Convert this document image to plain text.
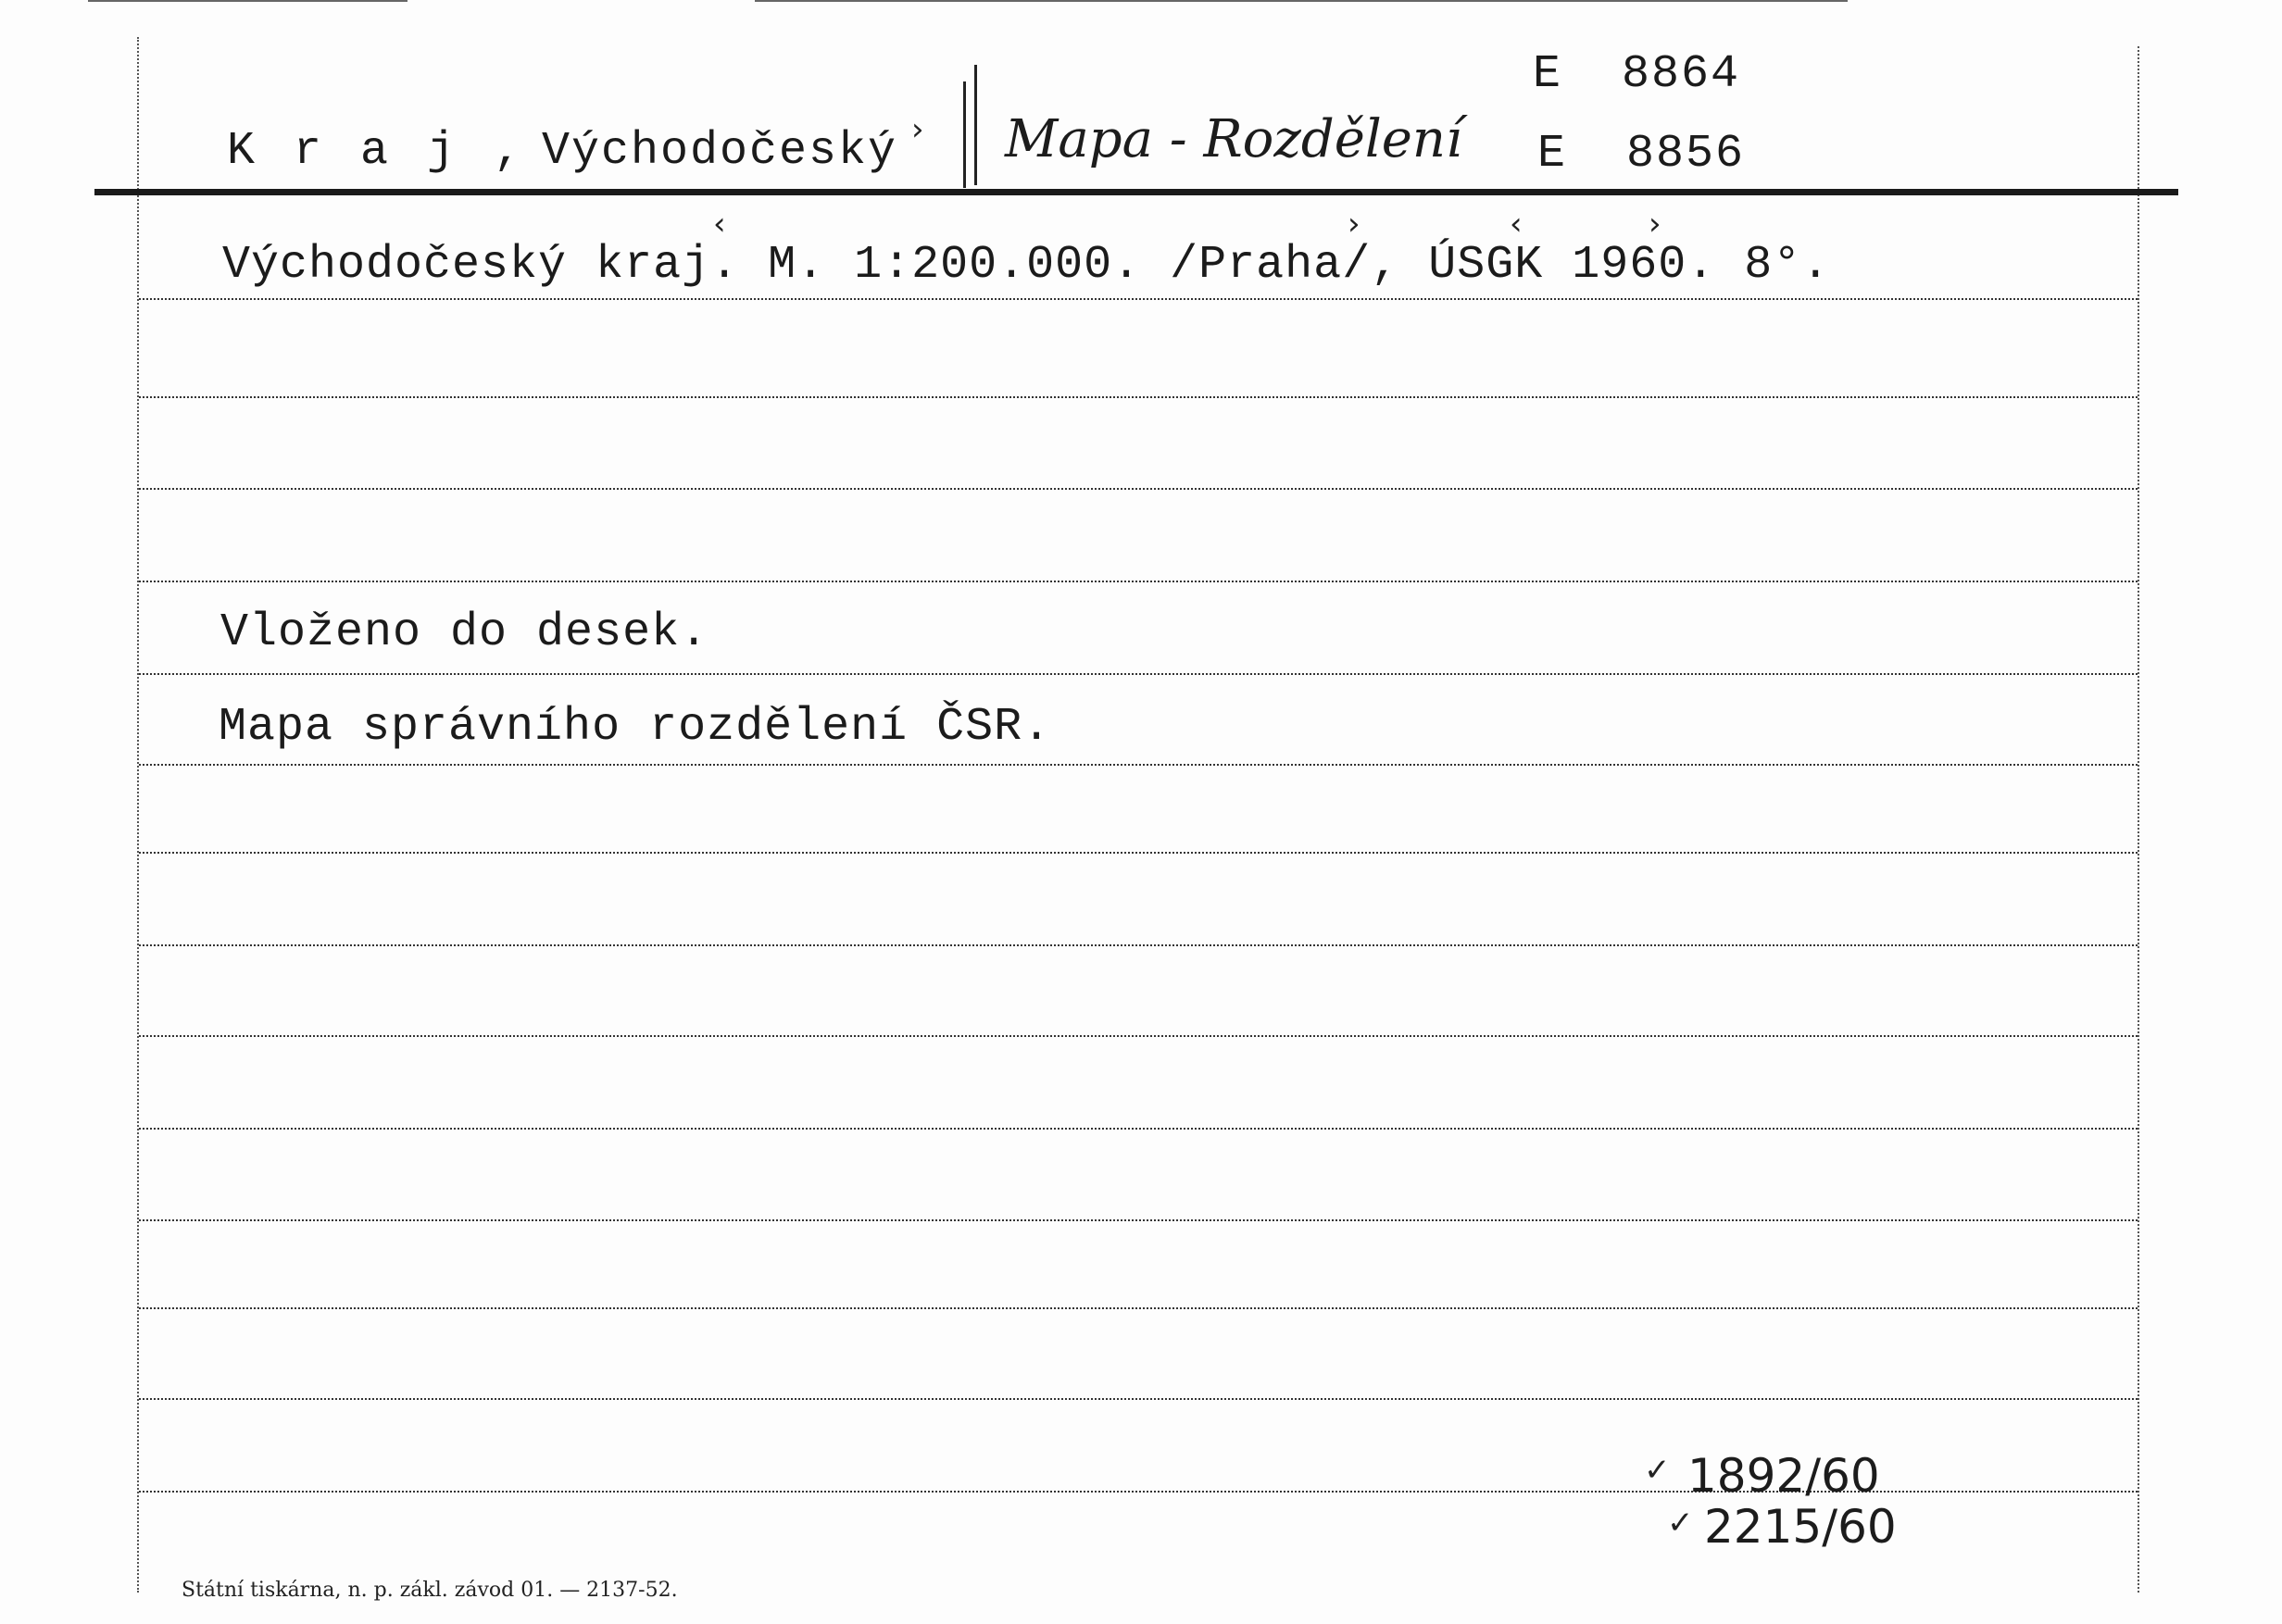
K r a j , Východočeský › Mapa - Rozdělení
E  8864
E  8856
Východočeský kraj. M. 1:200.000. /Praha/, ÚSGK 1960. 8°.
‹	›	‹	›
Vloženo do desek.
Mapa správního rozdělení ČSR.
✓ 1892/60
✓ 2215/60
Státní tiskárna, n. p. zákl. závod 01. — 2137-52.
